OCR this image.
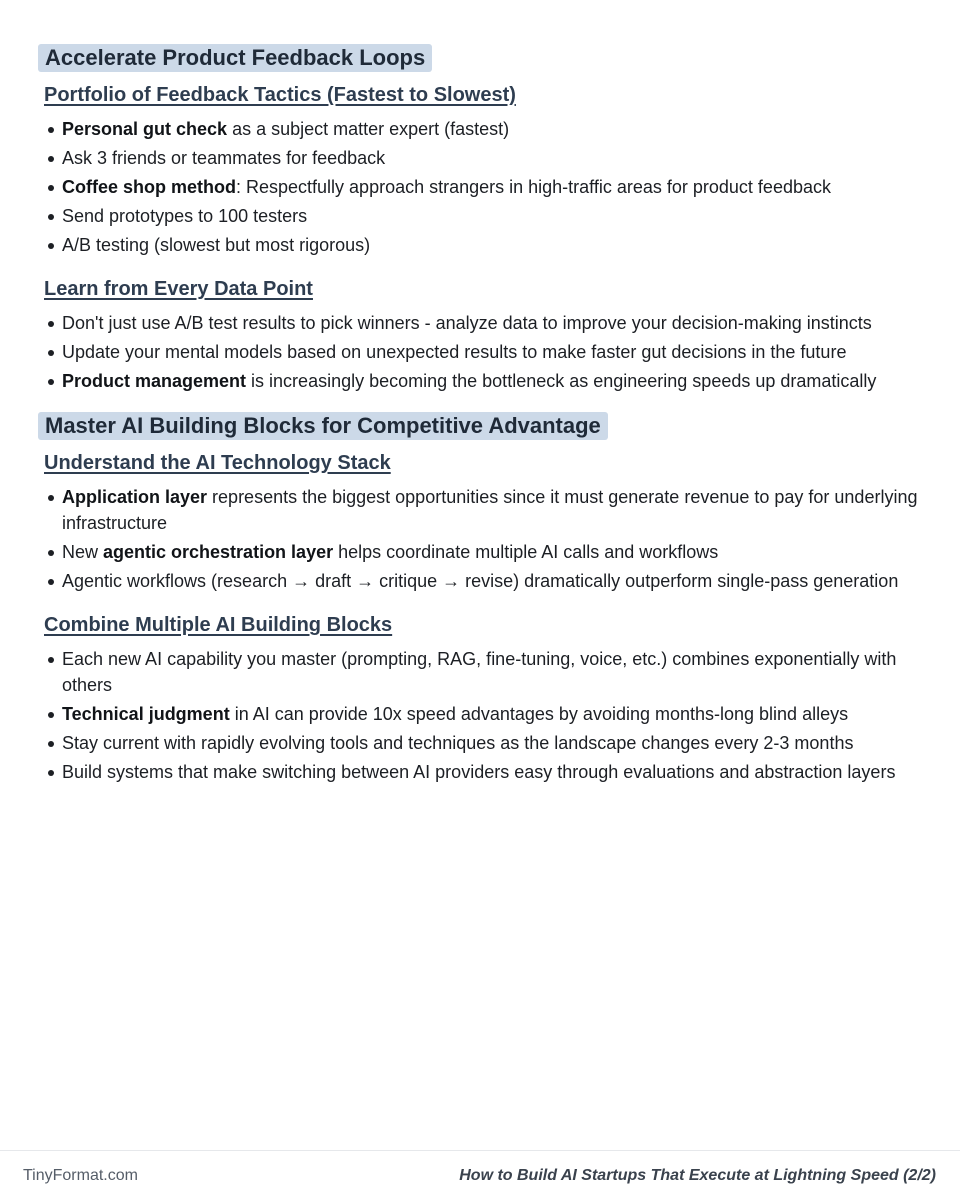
Accelerate Product Feedback Loops
Portfolio of Feedback Tactics (Fastest to Slowest)
Personal gut check as a subject matter expert (fastest)
Ask 3 friends or teammates for feedback
Coffee shop method: Respectfully approach strangers in high-traffic areas for product feedback
Send prototypes to 100 testers
A/B testing (slowest but most rigorous)
Learn from Every Data Point
Don't just use A/B test results to pick winners - analyze data to improve your decision-making instincts
Update your mental models based on unexpected results to make faster gut decisions in the future
Product management is increasingly becoming the bottleneck as engineering speeds up dramatically
Master AI Building Blocks for Competitive Advantage
Understand the AI Technology Stack
Application layer represents the biggest opportunities since it must generate revenue to pay for underlying infrastructure
New agentic orchestration layer helps coordinate multiple AI calls and workflows
Agentic workflows (research → draft → critique → revise) dramatically outperform single-pass generation
Combine Multiple AI Building Blocks
Each new AI capability you master (prompting, RAG, fine-tuning, voice, etc.) combines exponentially with others
Technical judgment in AI can provide 10x speed advantages by avoiding months-long blind alleys
Stay current with rapidly evolving tools and techniques as the landscape changes every 2-3 months
Build systems that make switching between AI providers easy through evaluations and abstraction layers
TinyFormat.com	How to Build AI Startups That Execute at Lightning Speed (2/2)
